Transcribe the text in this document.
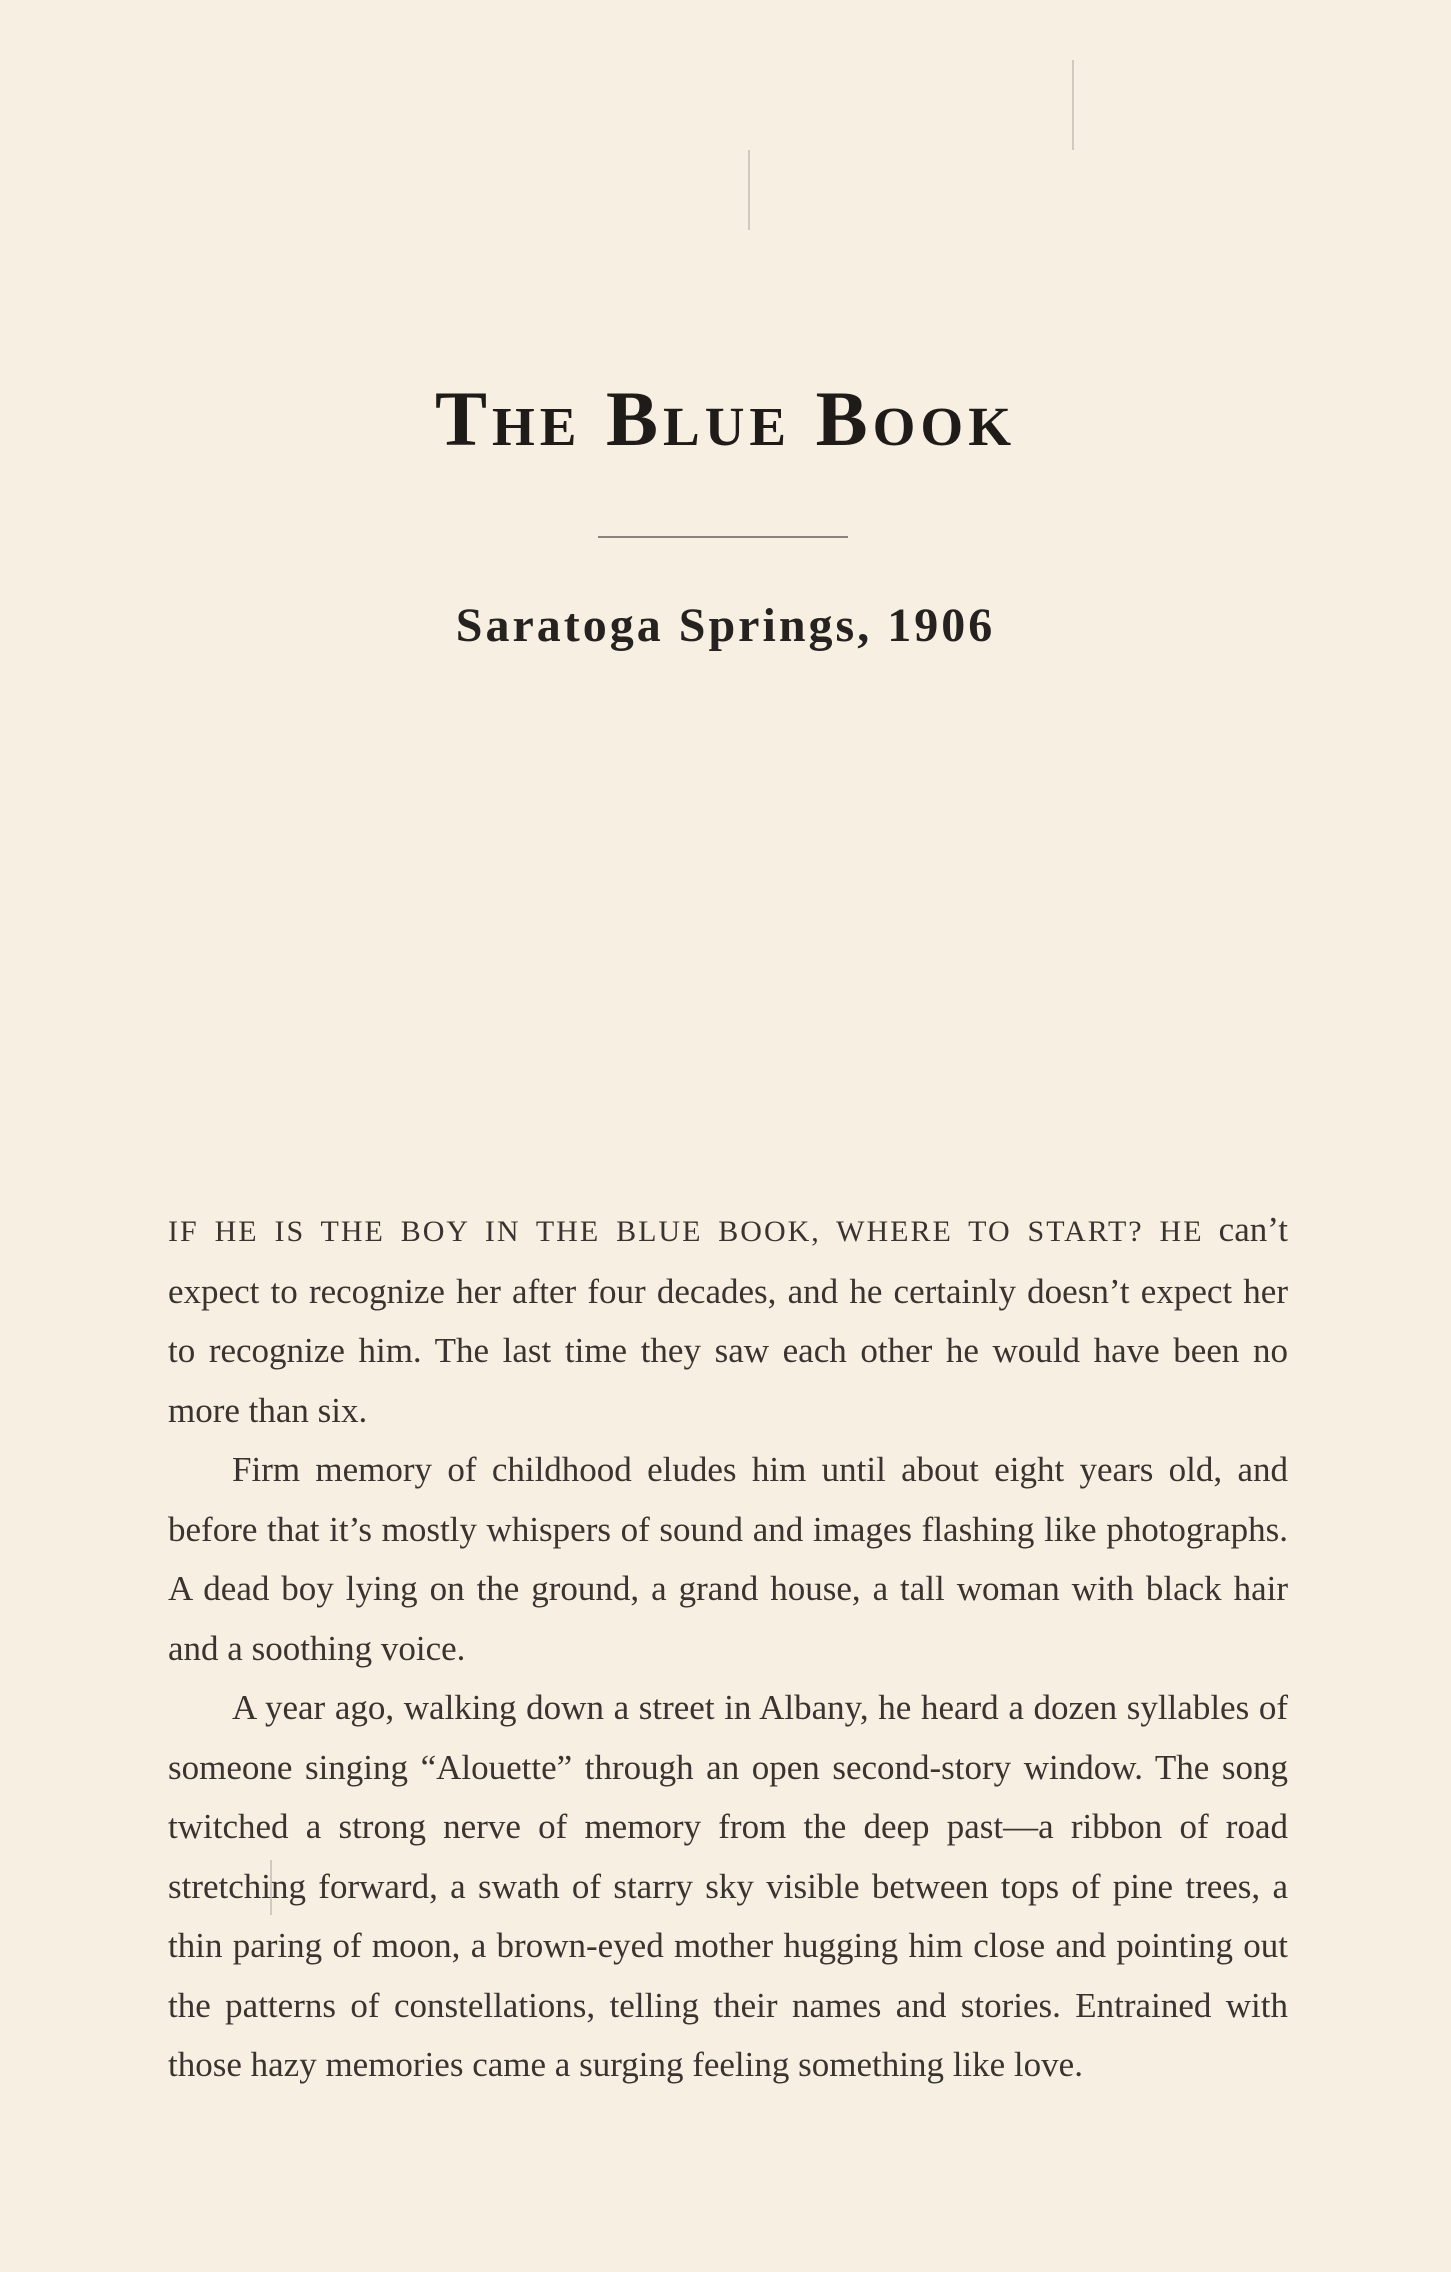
The Blue Book
Saratoga Springs, 1906

IF HE IS THE BOY IN THE BLUE BOOK, WHERE TO START? HE can’t expect to recognize her after four decades, and he certainly doesn’t expect her to recognize him. The last time they saw each other he would have been no more than six.

Firm memory of childhood eludes him until about eight years old, and before that it’s mostly whispers of sound and images flashing like photographs. A dead boy lying on the ground, a grand house, a tall woman with black hair and a soothing voice.

A year ago, walking down a street in Albany, he heard a dozen syllables of someone singing “Alouette” through an open second-story window. The song twitched a strong nerve of memory from the deep past—a ribbon of road stretching forward, a swath of starry sky visible between tops of pine trees, a thin paring of moon, a brown-eyed mother hugging him close and pointing out the patterns of constellations, telling their names and stories. Entrained with those hazy memories came a surging feeling something like love.
